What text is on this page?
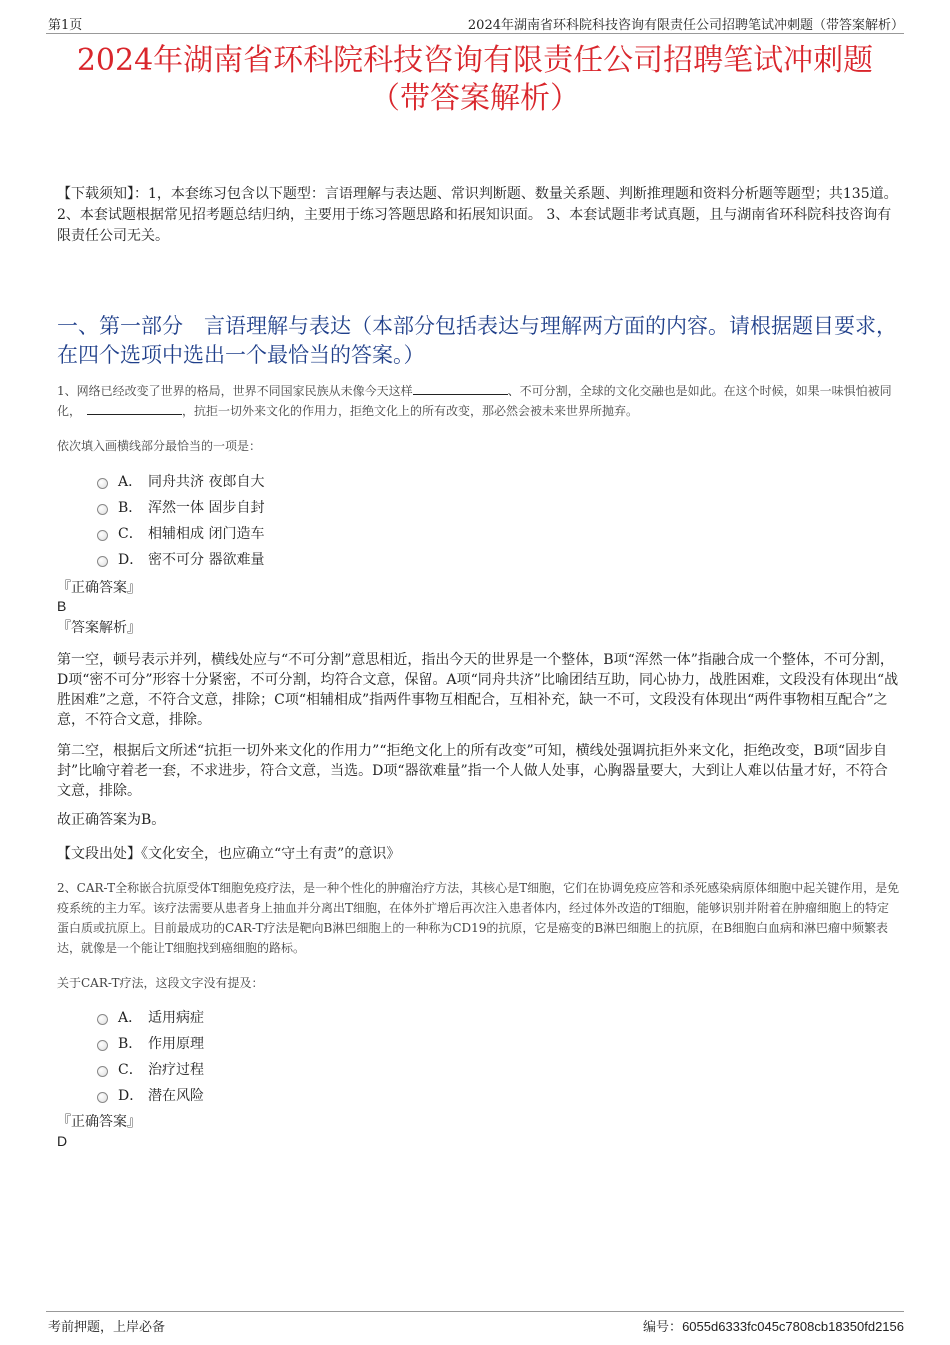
第1页	2024年湖南省环科院科技咨询有限责任公司招聘笔试冲刺题（带答案解析）
2024年湖南省环科院科技咨询有限责任公司招聘笔试冲刺题
（带答案解析）
【下载须知】：1，本套练习包含以下题型：言语理解与表达题、常识判断题、数量关系题、判断推理题和资料分析题等题型；共135道。 2、本套试题根据常见招考题总结归纳，主要用于练习答题思路和拓展知识面。 3、本套试题非考试真题，且与湖南省环科院科技咨询有限责任公司无关。
一、第一部分　言语理解与表达（本部分包括表达与理解两方面的内容。请根据题目要求，在四个选项中选出一个最恰当的答案。）
1、网络已经改变了世界的格局，世界不同国家民族从未像今天这样	、不可分割，全球的文化交融也是如此。在这个时候，如果一味惧怕被同化，　	，抗拒一切外来文化的作用力，拒绝文化上的所有改变，那必然会被未来世界所抛弃。
依次填入画横线部分最恰当的一项是：
A． 同舟共济 夜郎自大
B． 浑然一体 固步自封
C． 相辅相成 闭门造车
D． 密不可分 器欲难量
『正确答案』
B
『答案解析』
第一空，顿号表示并列，横线处应与“不可分割”意思相近，指出今天的世界是一个整体，B项“浑然一体”指融合成一个整体，不可分割，D项“密不可分”形容十分紧密，不可分割，均符合文意，保留。A项“同舟共济”比喻团结互助，同心协力，战胜困难，文段没有体现出“战胜困难”之意，不符合文意，排除；C项“相辅相成”指两件事物互相配合，互相补充，缺一不可，文段没有体现出“两件事物相互配合”之意，不符合文意，排除。
第二空，根据后文所述“抗拒一切外来文化的作用力”“拒绝文化上的所有改变”可知，横线处强调抗拒外来文化，拒绝改变，B项“固步自封”比喻守着老一套，不求进步，符合文意，当选。D项“器欲难量”指一个人做人处事，心胸器量要大，大到让人难以估量才好，不符合文意，排除。
故正确答案为B。
【文段出处】《文化安全，也应确立“守土有责”的意识》
2、CAR-T全称嵌合抗原受体T细胞免疫疗法，是一种个性化的肿瘤治疗方法，其核心是T细胞，它们在协调免疫应答和杀死感染病原体细胞中起关键作用，是免疫系统的主力军。该疗法需要从患者身上抽血并分离出T细胞，在体外扩增后再次注入患者体内，经过体外改造的T细胞，能够识别并附着在肿瘤细胞上的特定蛋白质或抗原上。目前最成功的CAR-T疗法是靶向B淋巴细胞上的一种称为CD19的抗原，它是癌变的B淋巴细胞上的抗原，在B细胞白血病和淋巴瘤中频繁表达，就像是一个能让T细胞找到癌细胞的路标。
关于CAR-T疗法，这段文字没有提及：
A． 适用病症
B． 作用原理
C． 治疗过程
D． 潜在风险
『正确答案』
D
考前押题，上岸必备	编号：6055d6333fc045c7808cb18350fd2156
